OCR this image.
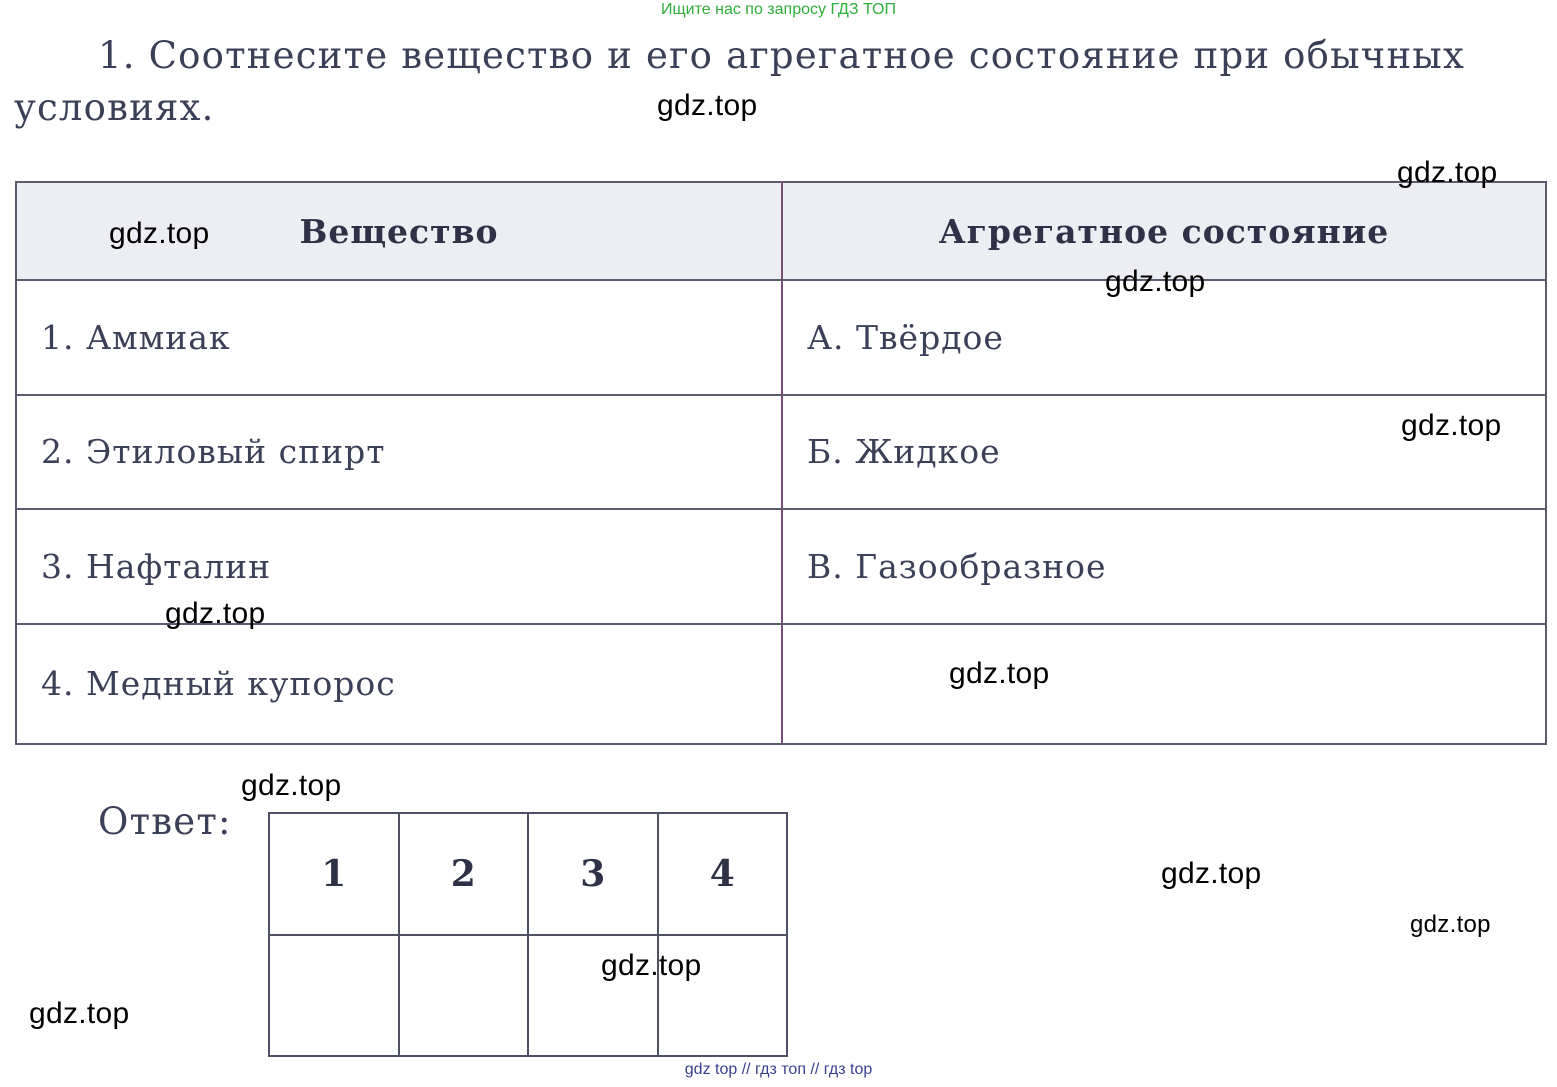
Ищите нас по запросу ГДЗ ТОП
1. Соотнесите вещество и его агрегатное состояние при обычных
условиях.
Вещество	Агрегатное состояние
1. Аммиак	А. Твёрдое
2. Этиловый спирт	Б. Жидкое
3. Нафталин	В. Газообразное
4. Медный купорос	
Ответ:
1	2	3	4

gdz.top
gdz.top
gdz.top
gdz.top
gdz.top
gdz.top
gdz.top
gdz.top
gdz.top
gdz.top
gdz.top
gdz.top
gdz top // гдз топ // гдз top
